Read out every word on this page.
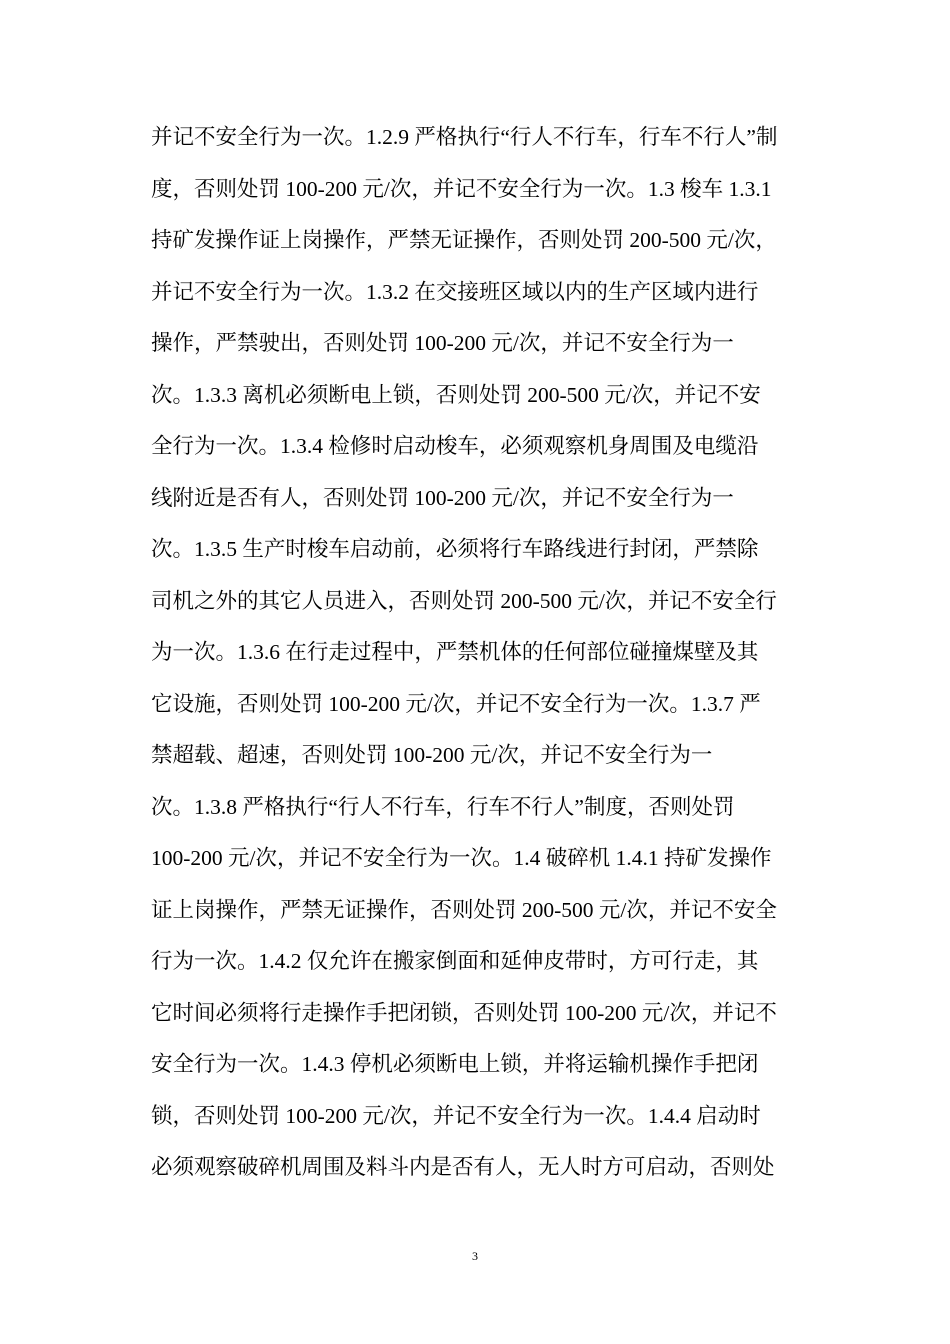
并记不安全行为一次。1.2.9 严格执行“行人不行车，行车不行人”制
度，否则处罚 100-200 元/次，并记不安全行为一次。1.3 梭车 1.3.1
持矿发操作证上岗操作，严禁无证操作，否则处罚 200-500 元/次，
并记不安全行为一次。1.3.2 在交接班区域以内的生产区域内进行
操作，严禁驶出，否则处罚 100-200 元/次，并记不安全行为一
次。1.3.3 离机必须断电上锁，否则处罚 200-500 元/次，并记不安
全行为一次。1.3.4 检修时启动梭车，必须观察机身周围及电缆沿
线附近是否有人，否则处罚 100-200 元/次，并记不安全行为一
次。1.3.5 生产时梭车启动前，必须将行车路线进行封闭，严禁除
司机之外的其它人员进入，否则处罚 200-500 元/次，并记不安全行
为一次。1.3.6 在行走过程中，严禁机体的任何部位碰撞煤壁及其
它设施，否则处罚 100-200 元/次，并记不安全行为一次。1.3.7 严
禁超载、超速，否则处罚 100-200 元/次，并记不安全行为一
次。1.3.8 严格执行“行人不行车，行车不行人”制度，否则处罚
100-200 元/次，并记不安全行为一次。1.4 破碎机 1.4.1 持矿发操作
证上岗操作，严禁无证操作，否则处罚 200-500 元/次，并记不安全
行为一次。1.4.2 仅允许在搬家倒面和延伸皮带时，方可行走，其
它时间必须将行走操作手把闭锁，否则处罚 100-200 元/次，并记不
安全行为一次。1.4.3 停机必须断电上锁，并将运输机操作手把闭
锁，否则处罚 100-200 元/次，并记不安全行为一次。1.4.4 启动时
必须观察破碎机周围及料斗内是否有人，无人时方可启动，否则处
3
